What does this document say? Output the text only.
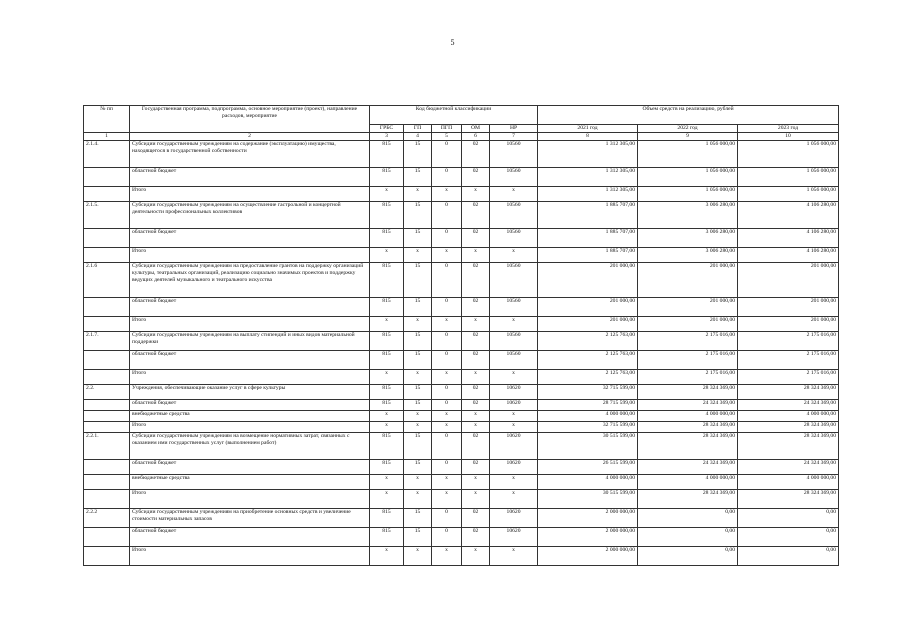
5
№ пп	Государственная программа, подпрограмма, основное мероприятие (проект), направление расходов, мероприятие	Код бюджетной классификации					Объем средств на реализацию, рублей		
		ГРБС	ГП	ПГП	ОМ	НР	2021 год	2022 год	2023 год
1	2	3	4	5	6	7	8	9	10
2.1.4.	Субсидии государственным учреждениям на содержание (эксплуатацию) имущества, находящегося в государственной собственности	815	15	0	02	10560	1 312 305,00	1 056 000,00	1 056 000,00
	областной бюджет	815	15	0	02	10560	1 312 305,00	1 056 000,00	1 056 000,00
	Итого	х	х	х	х	х	1 312 305,00	1 056 000,00	1 056 000,00
2.1.5.	Субсидии государственным учреждениям на осуществление гастрольной и концертной деятельности профессиональных коллективов	815	15	0	02	10560	1 885 707,00	3 006 280,00	4 106 280,00
	областной бюджет	815	15	0	02	10560	1 885 707,00	3 006 280,00	4 106 280,00
	Итого	х	х	х	х	х	1 885 707,00	3 006 280,00	4 106 280,00
2.1.6	Субсидии государственным учреждениям на предоставление грантов на поддержку организаций культуры, театральных организаций, реализацию социально значимых проектов и поддержку ведущих деятелей музыкального и театрального искусства	815	15	0	02	10560	201 000,00	201 000,00	201 000,00
	областной бюджет	815	15	0	02	10560	201 000,00	201 000,00	201 000,00
	Итого	х	х	х	х	х	201 000,00	201 000,00	201 000,00
2.1.7.	Субсидии государственным учреждениям на выплату стипендий и иных видов материальной поддержки	815	15	0	02	10560	2 125 763,00	2 175 016,00	2 175 016,00
	областной бюджет	815	15	0	02	10560	2 125 763,00	2 175 016,00	2 175 016,00
	Итого	х	х	х	х	х	2 125 763,00	2 175 016,00	2 175 016,00
2.2.	Учреждения, обеспечивающие оказание услуг в сфере культуры	815	15	0	02	10620	32 715 599,00	28 324 369,00	28 324 369,00
	областной бюджет	815	15	0	02	10620	28 715 599,00	24 324 369,00	24 324 369,00
	внебюджетные средства	х	х	х	х	х	4 000 000,00	4 000 000,00	4 000 000,00
	Итого	х	х	х	х	х	32 715 599,00	28 324 369,00	28 324 369,00
2.2.1.	Субсидии государственным учреждениям на возмещение нормативных затрат, связанных с оказанием ими государственных услуг (выполнением работ)	815	15	0	02	10620	30 515 599,00	28 324 369,00	28 324 369,00
	областной бюджет	815	15	0	02	10620	26 515 599,00	24 324 369,00	24 324 369,00
	внебюджетные средства	х	х	х	х	х	4 000 000,00	4 000 000,00	4 000 000,00
	Итого	х	х	х	х	х	30 515 599,00	28 324 369,00	28 324 369,00
2.2.2	Субсидии государственным учреждениям на приобретение основных средств и увеличение стоимости материальных запасов	815	15	0	02	10620	2 000 000,00	0,00	0,00
	областной бюджет	815	15	0	02	10620	2 000 000,00	0,00	0,00
	Итого	х	х	х	х	х	2 000 000,00	0,00	0,00
